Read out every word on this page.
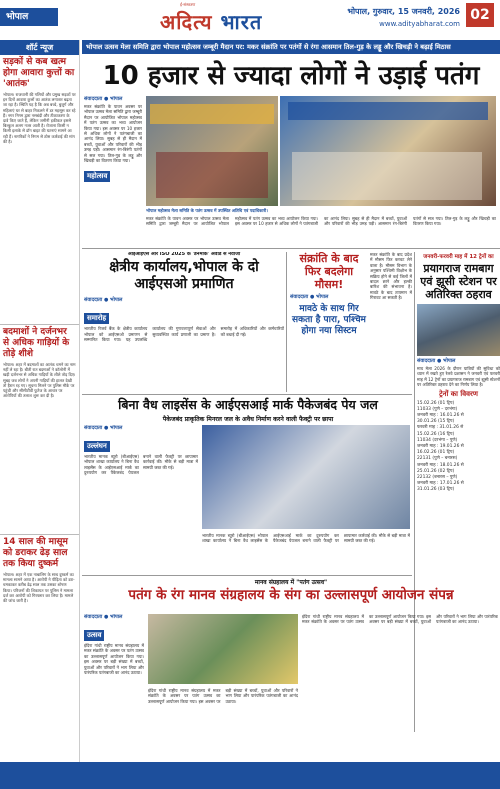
भोपाल
ई-संस्करण
अदित्य भारत	भोपाल, गुरुवार, 15 जनवरी, 2026
www.adityabharat.com
02
शॉर्ट न्यूज
सड़कों से कब खत्म होगा आवारा कुत्तों का 'आतंक'
भोपाल। राजधानी की गलियों और प्रमुख सड़कों पर इन दिनों आवारा कुत्तों का आतंक लगातार बढ़ता जा रहा है। स्थिति यह है कि अब बच्चे, बुजुर्ग और महिलाएं घर से बाहर निकलने में डर महसूस कर रहे हैं। नगर निगम द्वारा नसबंदी और टीकाकरण के दावे किए जाते हैं, लेकिन जमीनी हकीकत इससे बिल्कुल अलग नजर आती है। रोजाना किसी न किसी इलाके से डॉग बाइट की घटनाएं सामने आ रही हैं। नागरिकों ने निगम से ठोस कार्रवाई की मांग की है।
बदमाशों ने दर्जनभर से अधिक गाड़ियों के तोड़े शीशे
भोपाल। शहर में बदमाशों का आतंक थमने का नाम नहीं ले रहा है। बीती रात बदमाशों ने कॉलोनी में खड़ी दर्जनभर से अधिक गाड़ियों के शीशे तोड़ दिए। सुबह जब लोगों ने अपनी गाड़ियों की हालत देखी तो हैरान रह गए। सूचना मिलने पर पुलिस मौके पर पहुंची और सीसीटीवी फुटेज के आधार पर आरोपियों की तलाश शुरू कर दी है।
14 साल की मासूम को डराकर ढेड़ साल तक किया दुष्कर्म
भोपाल। शहर में एक नाबालिग के साथ दुष्कर्म का मामला सामने आया है। आरोपी ने पीड़िता को डरा-धमकाकर करीब डेढ़ साल तक उसका शोषण किया। परिजनों की शिकायत पर पुलिस ने मामला दर्ज कर आरोपी को गिरफ्तार कर लिया है। मामले की जांच जारी है।
भोपाल उत्सव मेला समिति द्वारा भोपाल महोत्सव जम्बूरी मैदान पर: मकर संक्रांति पर पतंगों से रंगा आसमान तिल-गुड़ के लड्डू और खिचड़ी ने बढ़ाई मिठास
10 हजार से ज्यादा लोगों ने उड़ाई पतंग
संवाददाता ● भोपाल
मकर संक्रांति के पावन अवसर पर भोपाल उत्सव मेला समिति द्वारा जम्बूरी मैदान पर आयोजित भोपाल महोत्सव में पतंग उत्सव का भव्य आयोजन किया गया। इस अवसर पर 10 हजार से अधिक लोगों ने पतंगबाजी का आनंद लिया। सुबह से ही मैदान में बच्चों, युवाओं और परिवारों की भीड़ उमड़ पड़ी। आसमान रंग-बिरंगी पतंगों से सज गया। तिल-गुड़ के लड्डू और खिचड़ी का वितरण किया गया।
महोत्सव
भोपाल महोत्सव मेला समिति के पतंग उत्सव में उपस्थित अतिथि एवं पदाधिकारी।
मकर संक्रांति के पावन अवसर पर भोपाल उत्सव मेला समिति द्वारा जम्बूरी मैदान पर आयोजित भोपाल महोत्सव में पतंग उत्सव का भव्य आयोजन किया गया। इस अवसर पर 10 हजार से अधिक लोगों ने पतंगबाजी का आनंद लिया। सुबह से ही मैदान में बच्चों, युवाओं और परिवारों की भीड़ उमड़ पड़ी। आसमान रंग-बिरंगी पतंगों से सज गया। तिल-गुड़ के लड्डू और खिचड़ी का वितरण किया गया।
आईआईएस और ISO 2025 के 'डेनमार्क' अवॉर्ड से नवाजा
क्षेत्रीय कार्यालय,भोपाल के दो आईएसओ प्रमाणित
संवाददाता ● भोपाल
समारोह
भारतीय रिजर्व बैंक के क्षेत्रीय कार्यालय भोपाल को आईएसओ प्रमाणन से सम्मानित किया गया। यह उपलब्धि कार्यालय की गुणवत्तापूर्ण सेवाओं और सुव्यवस्थित कार्य प्रणाली का प्रमाण है। समारोह में अधिकारियों और कर्मचारियों को बधाई दी गई।
संक्रांति के बाद फिर बदलेगा मौसम!
संवाददाता ● भोपाल
मावठे के साथ गिर सकता है पारा, पश्चिम होगा नया सिस्टम
मकर संक्रांति के बाद प्रदेश में मौसम फिर करवट लेने वाला है। मौसम विभाग के अनुसार पश्चिमी विक्षोभ के सक्रिय होने से कई जिलों में बादल छाने और हल्की बारिश की संभावना है। मावठे के बाद तापमान में गिरावट आ सकती है।
जनवरी-फरवरी माह में 12 ट्रेनों का
प्रयागराज रामबाग एवं झूसी स्टेशन पर अतिरिक्त ठहराव
संवाददाता ● भोपाल
माघ मेला 2026 के दौरान यात्रियों की सुविधा को ध्यान में रखते हुए रेलवे प्रशासन ने जनवरी एवं फरवरी माह में 12 ट्रेनों का प्रयागराज रामबाग एवं झूसी स्टेशनों पर अतिरिक्त ठहराव देने का निर्णय लिया है।
ट्रेनों का विवरण
15.02.26 (01 ट्रिप)
11033 (पुणे – दरभंगा)
जनवरी माह : 16.01.26 से
30.01.26 (15 ट्रिप)
फरवरी माह : 31.01.26 से
15.02.26 (16 ट्रिप)
11034 (दरभंगा – पुणे)
जनवरी माह : 19.01.26 से
16.02.26 (01 ट्रिप)
22131 (पुणे – बनारस)
जनवरी माह : 18.01.26 से
25.01.26 (02 ट्रिप)
22132 (बनारस – पुणे)
जनवरी माह : 17.01.26 से
31.01.26 (03 ट्रिप)
बिना वैध लाइसेंस के आईएसआई मार्क पैकेजबंद पेय जल
पैकेजबंद प्राकृतिक मिनरल जल के अवैध निर्माण करने वाली फैक्ट्री पर छापा
संवाददाता ● भोपाल
उल्लंघन
भारतीय मानक ब्यूरो (बीआईएस) भोपाल शाखा कार्यालय ने बिना वैध लाइसेंस के आईएसआई मार्क का दुरुपयोग कर पैकेजबंद पेयजल बनाने वाली फैक्ट्री पर छापामार कार्रवाई की। मौके से बड़ी मात्रा में सामग्री जब्त की गई।
भारतीय मानक ब्यूरो (बीआईएस) भोपाल शाखा कार्यालय ने बिना वैध लाइसेंस के आईएसआई मार्क का दुरुपयोग कर पैकेजबंद पेयजल बनाने वाली फैक्ट्री पर छापामार कार्रवाई की। मौके से बड़ी मात्रा में सामग्री जब्त की गई।
मानव संग्रहालय में "पतंग उत्सव"
पतंग के रंग मानव संग्रहालय के संग का उल्लासपूर्ण आयोजन संपन्न
संवाददाता ● भोपाल
उत्सव
इंदिरा गांधी राष्ट्रीय मानव संग्रहालय में मकर संक्रांति के अवसर पर पतंग उत्सव का उल्लासपूर्ण आयोजन किया गया। इस अवसर पर बड़ी संख्या में बच्चों, युवाओं और परिवारों ने भाग लिया और पारंपरिक पतंगबाजी का आनंद उठाया।
इंदिरा गांधी राष्ट्रीय मानव संग्रहालय में मकर संक्रांति के अवसर पर पतंग उत्सव का उल्लासपूर्ण आयोजन किया गया। इस अवसर पर बड़ी संख्या में बच्चों, युवाओं और परिवारों ने भाग लिया और पारंपरिक पतंगबाजी का आनंद उठाया।
इंदिरा गांधी राष्ट्रीय मानव संग्रहालय में मकर संक्रांति के अवसर पर पतंग उत्सव का उल्लासपूर्ण आयोजन किया गया। इस अवसर पर बड़ी संख्या में बच्चों, युवाओं और परिवारों ने भाग लिया और पारंपरिक पतंगबाजी का आनंद उठाया।
